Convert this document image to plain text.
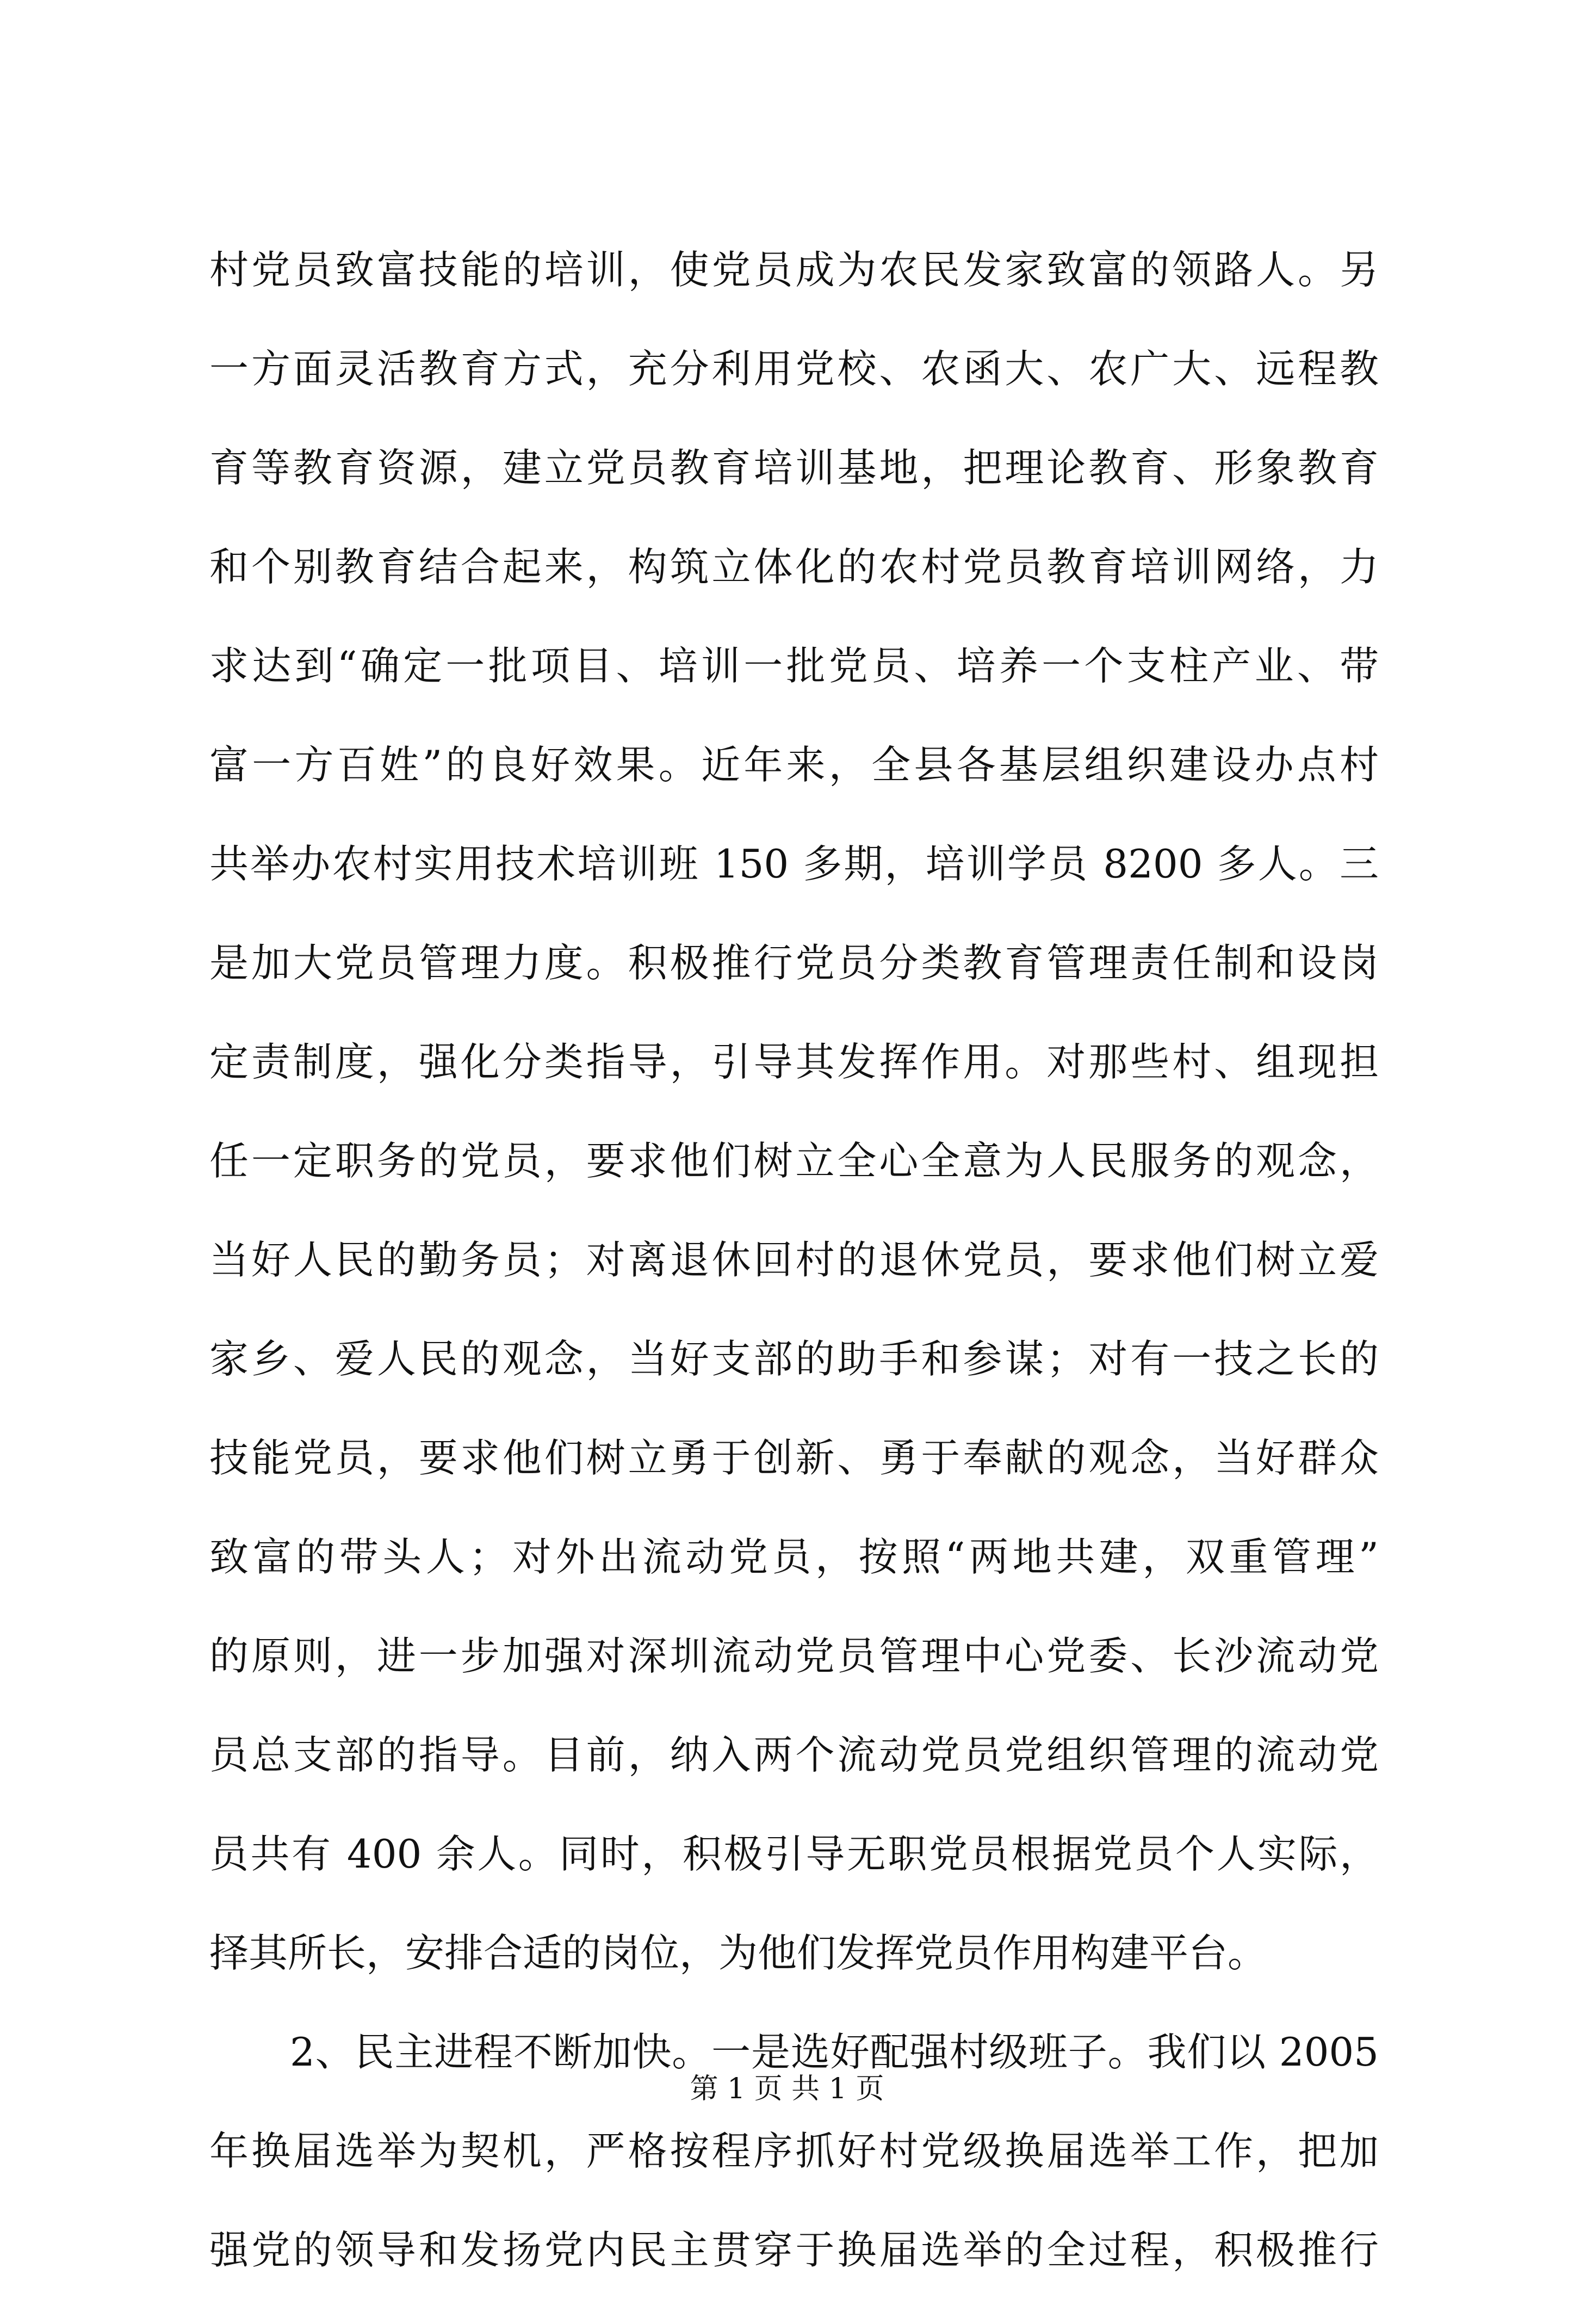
村党员致富技能的培训，使党员成为农民发家致富的领路人。另
一方面灵活教育方式，充分利用党校、农函大、农广大、远程教
育等教育资源，建立党员教育培训基地，把理论教育、形象教育
和个别教育结合起来，构筑立体化的农村党员教育培训网络，力
求达到“确定一批项目、培训一批党员、培养一个支柱产业、带
富一方百姓”的良好效果。近年来，全县各基层组织建设办点村
共举办农村实用技术培训班 150 多期，培训学员 8200 多人。三
是加大党员管理力度。积极推行党员分类教育管理责任制和设岗
定责制度，强化分类指导，引导其发挥作用。对那些村、组现担
任一定职务的党员，要求他们树立全心全意为人民服务的观念，
当好人民的勤务员；对离退休回村的退休党员，要求他们树立爱
家乡、爱人民的观念，当好支部的助手和参谋；对有一技之长的
技能党员，要求他们树立勇于创新、勇于奉献的观念，当好群众
致富的带头人；对外出流动党员，按照“两地共建，双重管理”
的原则，进一步加强对深圳流动党员管理中心党委、长沙流动党
员总支部的指导。目前，纳入两个流动党员党组织管理的流动党
员共有 400 余人。同时，积极引导无职党员根据党员个人实际，
择其所长，安排合适的岗位，为他们发挥党员作用构建平台。
2、民主进程不断加快。一是选好配强村级班子。我们以 2005
年换届选举为契机，严格按程序抓好村党级换届选举工作，把加
强党的领导和发扬党内民主贯穿于换届选举的全过程，积极推行
第 1 页 共 1 页
